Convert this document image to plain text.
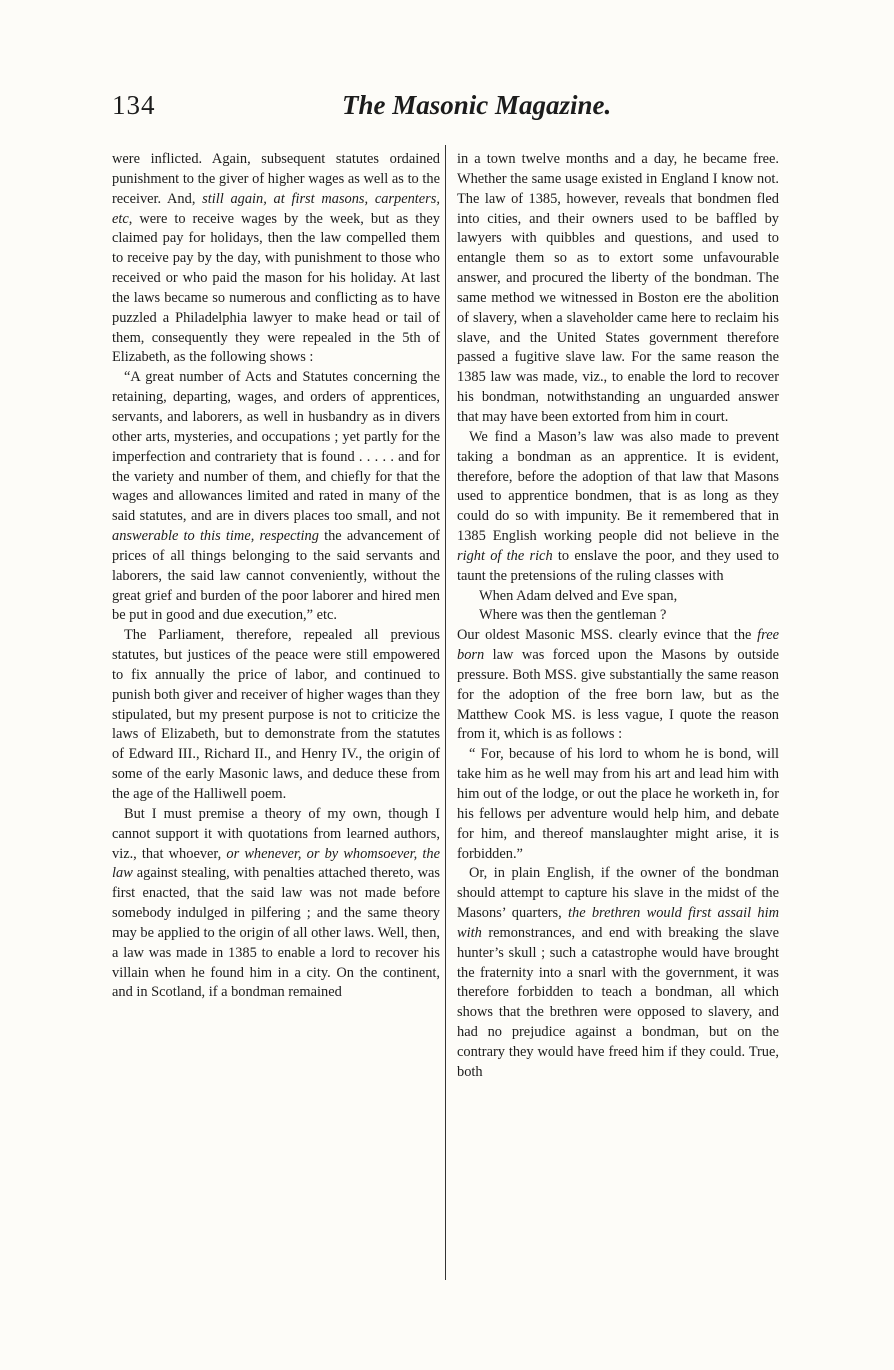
134	The Masonic Magazine.

were inflicted. Again, subsequent statutes ordained punishment to the giver of higher wages as well as to the receiver. And, still again, at first masons, carpenters, etc, were to receive wages by the week, but as they claimed pay for holidays, then the law compelled them to receive pay by the day, with punishment to those who received or who paid the mason for his holiday. At last the laws became so numerous and conflicting as to have puzzled a Philadelphia lawyer to make head or tail of them, consequently they were repealed in the 5th of Elizabeth, as the following shows :

“A great number of Acts and Statutes concerning the retaining, departing, wages, and orders of apprentices, servants, and laborers, as well in husbandry as in divers other arts, mysteries, and occupations ; yet partly for the imperfection and contrariety that is found . . . . . and for the variety and number of them, and chiefly for that the wages and allowances limited and rated in many of the said statutes, and are in divers places too small, and not answerable to this time, respecting the advancement of prices of all things belonging to the said servants and laborers, the said law cannot conveniently, without the great grief and burden of the poor laborer and hired men be put in good and due execution,” etc.

The Parliament, therefore, repealed all previous statutes, but justices of the peace were still empowered to fix annually the price of labor, and continued to punish both giver and receiver of higher wages than they stipulated, but my present purpose is not to criticize the laws of Elizabeth, but to demonstrate from the statutes of Edward III., Richard II., and Henry IV., the origin of some of the early Masonic laws, and deduce these from the age of the Halliwell poem.

But I must premise a theory of my own, though I cannot support it with quotations from learned authors, viz., that whoever, or whenever, or by whomsoever, the law against stealing, with penalties attached thereto, was first enacted, that the said law was not made before somebody indulged in pilfering ; and the same theory may be applied to the origin of all other laws. Well, then, a law was made in 1385 to enable a lord to recover his villain when he found him in a city. On the continent, and in Scotland, if a bondman remained

in a town twelve months and a day, he became free. Whether the same usage existed in England I know not. The law of 1385, however, reveals that bondmen fled into cities, and their owners used to be baffled by lawyers with quibbles and questions, and used to entangle them so as to extort some unfavourable answer, and procured the liberty of the bondman. The same method we witnessed in Boston ere the abolition of slavery, when a slaveholder came here to reclaim his slave, and the United States government therefore passed a fugitive slave law. For the same reason the 1385 law was made, viz., to enable the lord to recover his bondman, notwithstanding an unguarded answer that may have been extorted from him in court.

We find a Mason’s law was also made to prevent taking a bondman as an apprentice. It is evident, therefore, before the adoption of that law that Masons used to apprentice bondmen, that is as long as they could do so with impunity. Be it remembered that in 1385 English working people did not believe in the right of the rich to enslave the poor, and they used to taunt the pretensions of the ruling classes with

When Adam delved and Eve span,

Where was then the gentleman ?

Our oldest Masonic MSS. clearly evince that the free born law was forced upon the Masons by outside pressure. Both MSS. give substantially the same reason for the adoption of the free born law, but as the Matthew Cook MS. is less vague, I quote the reason from it, which is as follows :

“ For, because of his lord to whom he is bond, will take him as he well may from his art and lead him with him out of the lodge, or out the place he worketh in, for his fellows per adventure would help him, and debate for him, and thereof manslaughter might arise, it is forbidden.”

Or, in plain English, if the owner of the bondman should attempt to capture his slave in the midst of the Masons’ quarters, the brethren would first assail him with remonstrances, and end with breaking the slave hunter’s skull ; such a catastrophe would have brought the fraternity into a snarl with the government, it was therefore forbidden to teach a bondman, all which shows that the brethren were opposed to slavery, and had no prejudice against a bondman, but on the contrary they would have freed him if they could. True, both
